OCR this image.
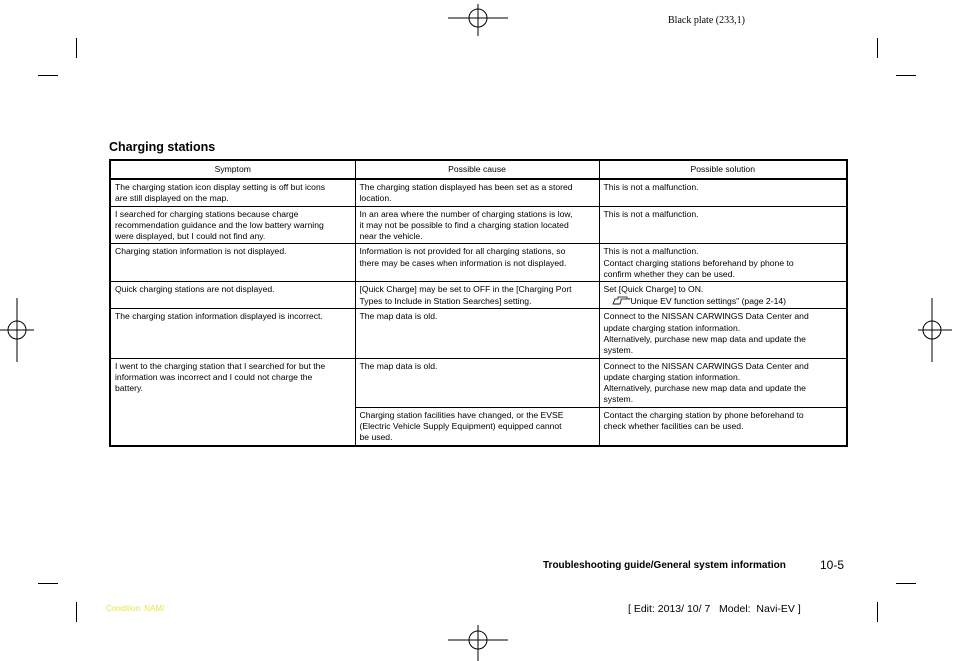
Black plate (233,1)
Charging stations
Symptom	Possible cause	Possible solution

The charging station icon display setting is off but icons
are still displayed on the map.	The charging station displayed has been set as a stored
location.	This is not a malfunction.

I searched for charging stations because charge
recommendation guidance and the low battery warning
were displayed, but I could not find any.	In an area where the number of charging stations is low,
it may not be possible to find a charging station located
near the vehicle.	This is not a malfunction.

Charging station information is not displayed.	Information is not provided for all charging stations, so
there may be cases when information is not displayed.	This is not a malfunction.
Contact charging stations beforehand by phone to
confirm whether they can be used.

Quick charging stations are not displayed.	[Quick Charge] may be set to OFF in the [Charging Port
Types to Include in Station Searches] setting.	Set [Quick Charge] to ON.
"Unique EV function settings" (page 2-14)

The charging station information displayed is incorrect.	The map data is old.	Connect to the NISSAN CARWINGS Data Center and
update charging station information.
Alternatively, purchase new map data and update the
system.

I went to the charging station that I searched for but the
information was incorrect and I could not charge the
battery.	The map data is old.	Connect to the NISSAN CARWINGS Data Center and
update charging station information.
Alternatively, purchase new map data and update the
system.

	Charging station facilities have changed, or the EVSE
(Electric Vehicle Supply Equipment) equipped cannot
be used.	Contact the charging station by phone beforehand to
check whether facilities can be used.
Troubleshooting guide/General system information	10-5
Condition: NAM/	[ Edit: 2013/ 10/ 7   Model:  Navi-EV ]
